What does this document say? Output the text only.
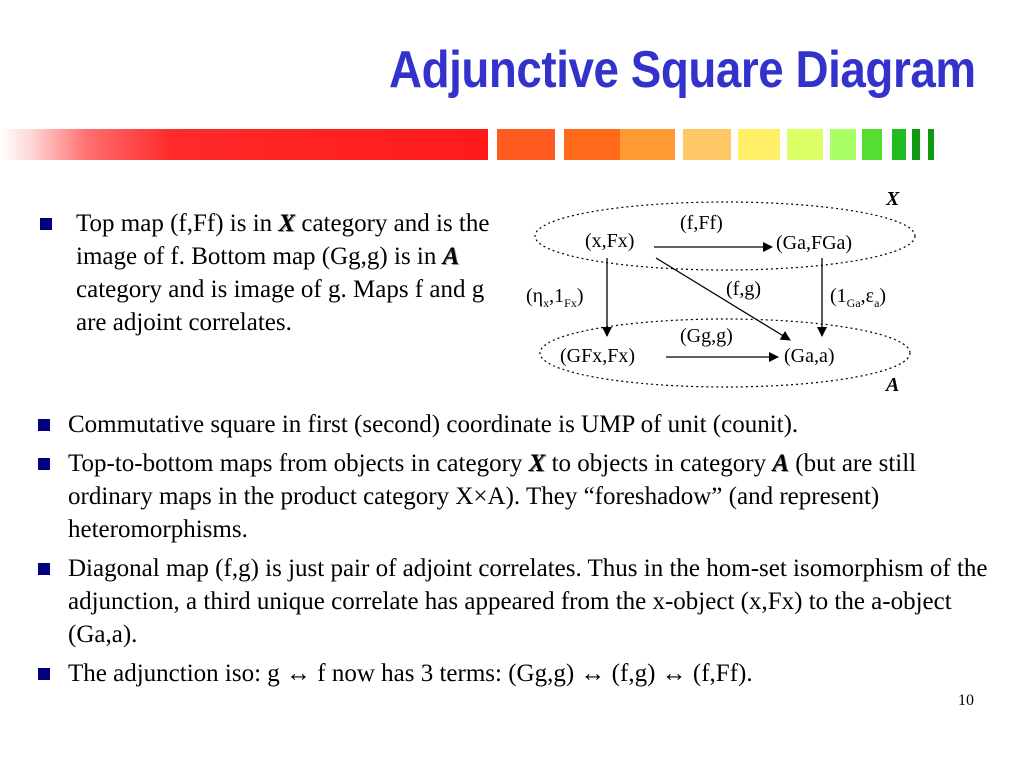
Adjunctive Square Diagram
Top map (f,Ff) is in X category and is the image of f. Bottom map (Gg,g) is in A category and is image of g. Maps f and g are adjoint correlates.
X
A
(x,Fx)	(Ga,FGa)
(f,Ff)
(f,g)
(Gg,g)
(GFx,Fx)	(Ga,a)
$(\eta_x,1_{Fx})$	$(1_{Ga},\varepsilon_a)$
Commutative square in first (second) coordinate is UMP of unit (counit).
Top-to-bottom maps from objects in category X to objects in category A (but are still ordinary maps in the product category X×A). They “foreshadow” (and represent) heteromorphisms.
Diagonal map (f,g) is just pair of adjoint correlates. Thus in the hom-set isomorphism of the adjunction, a third unique correlate has appeared from the x-object (x,Fx) to the a-object (Ga,a).
The adjunction iso: g ↔ f now has 3 terms: (Gg,g) ↔ (f,g) ↔ (f,Ff).
10
